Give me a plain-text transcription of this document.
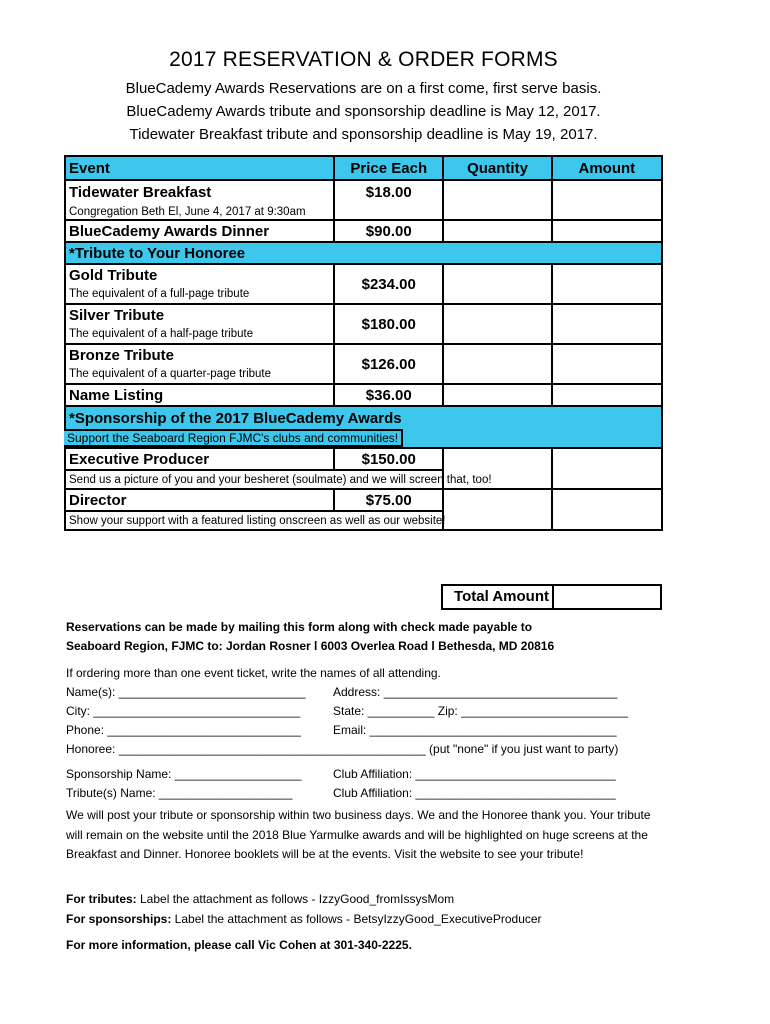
2017 RESERVATION & ORDER FORMS
BlueCademy Awards Reservations are on a first come, first serve basis.
BlueCademy Awards tribute and sponsorship deadline is May 12, 2017.
Tidewater Breakfast tribute and sponsorship deadline is May 19, 2017.
Event	Price Each	Quantity	Amount
Tidewater Breakfast	$18.00		
Congregation Beth El, June 4, 2017 at 9:30am			
BlueCademy Awards Dinner	$90.00		
*Tribute to Your Honoree			
Gold Tribute	$234.00		
The equivalent of a full-page tribute			
Silver Tribute	$180.00		
The equivalent of a half-page tribute			
Bronze Tribute	$126.00		
The equivalent of a quarter-page tribute			
Name Listing	$36.00		
*Sponsorship of the 2017 BlueCademy Awards			
Support the Seaboard Region FJMC's clubs and communities!			
Executive Producer	$150.00		
Send us a picture of you and your besheret (soulmate) and we will screen that, too!			
Director	$75.00		
Show your support with a featured listing onscreen as well as our website!			
Total Amount
Reservations can be made by mailing this form along with check made payable to
Seaboard Region, FJMC to: Jordan Rosner l 6003 Overlea Road l Bethesda, MD 20816
If ordering more than one event ticket, write the names of all attending.
Name(s): ____________________________ Address: ___________________________________
City: _______________________________	State: __________ Zip: _________________________
Phone: _____________________________	Email: _____________________________________
Honoree: ______________________________________________ (put "none" if you just want to party)
Sponsorship Name: ___________________	Club Affiliation: ______________________________
Tribute(s) Name: ____________________	Club Affiliation: ______________________________
We will post your tribute or sponsorship within two business days. We and the Honoree thank you. Your tribute will remain on the website until the 2018 Blue Yarmulke awards and will be highlighted on huge screens at the Breakfast and Dinner. Honoree booklets will be at the events. Visit the website to see your tribute!
For tributes: Label the attachment as follows - IzzyGood_fromIssysMom
For sponsorships: Label the attachment as follows - BetsyIzzyGood_ExecutiveProducer
For more information, please call Vic Cohen at 301-340-2225.
